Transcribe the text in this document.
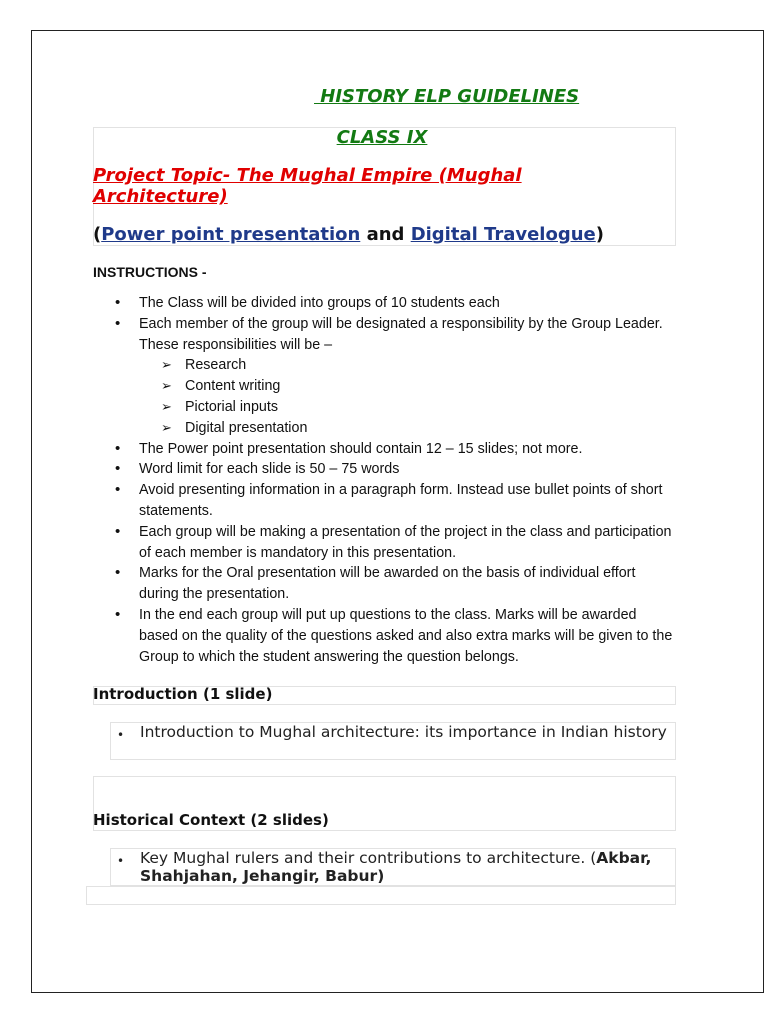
HISTORY ELP GUIDELINES
CLASS IX
Project Topic- The Mughal Empire (Mughal Architecture)
(Power point presentation and Digital Travelogue)
INSTRUCTIONS -
• The Class will be divided into groups of 10 students each
• Each member of the group will be designated a responsibility by the Group Leader. These responsibilities will be –
➢ Research
➢ Content writing
➢ Pictorial inputs
➢ Digital presentation
• The Power point presentation should contain 12 – 15 slides; not more.
• Word limit for each slide is 50 – 75 words
• Avoid presenting information in a paragraph form. Instead use bullet points of short statements.
• Each group will be making a presentation of the project in the class and participation of each member is mandatory in this presentation.
• Marks for the Oral presentation will be awarded on the basis of individual effort during the presentation.
• In the end each group will put up questions to the class. Marks will be awarded based on the quality of the questions asked and also extra marks will be given to the Group to which the student answering the question belongs.
Introduction (1 slide)
• Introduction to Mughal architecture: its importance in Indian history
Historical Context (2 slides)
• Key Mughal rulers and their contributions to architecture. (Akbar, Shahjahan, Jehangir, Babur)
